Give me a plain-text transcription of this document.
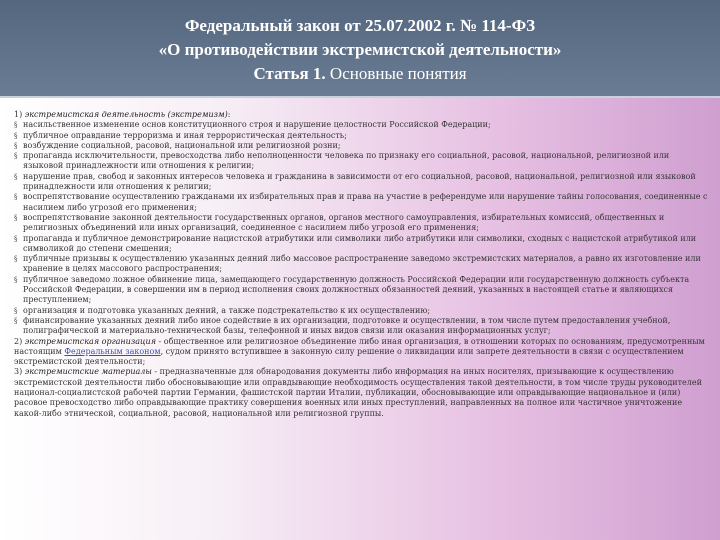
Федеральный закон от 25.07.2002 г. № 114-ФЗ
«О противодействии экстремистской деятельности»
Статья 1. Основные понятия

1) экстремистская деятельность (экстремизм):

§ насильственное изменение основ конституционного строя и нарушение целостности Российской Федерации;

§ публичное оправдание терроризма и иная террористическая деятельность;

§ возбуждение социальной, расовой, национальной или религиозной розни;

§ пропаганда исключительности, превосходства либо неполноценности человека по признаку его социальной, расовой, национальной, религиозной или языковой принадлежности или отношения к религии;

§ нарушение прав, свобод и законных интересов человека и гражданина в зависимости от его социальной, расовой, национальной, религиозной или языковой принадлежности или отношения к религии;

§ воспрепятствование осуществлению гражданами их избирательных прав и права на участие в референдуме или нарушение тайны голосования, соединенные с насилием либо угрозой его применения;

§ воспрепятствование законной деятельности государственных органов, органов местного самоуправления, избирательных комиссий, общественных и религиозных объединений или иных организаций, соединенное с насилием либо угрозой его применения;

§ пропаганда и публичное демонстрирование нацистской атрибутики или символики либо атрибутики или символики, сходных с нацистской атрибутикой или символикой до степени смешения;

§ публичные призывы к осуществлению указанных деяний либо массовое распространение заведомо экстремистских материалов, а равно их изготовление или хранение в целях массового распространения;

§ публичное заведомо ложное обвинение лица, замещающего государственную должность Российской Федерации или государственную должность субъекта Российской Федерации, в совершении им в период исполнения своих должностных обязанностей деяний, указанных в настоящей статье и являющихся преступлением;

§ организация и подготовка указанных деяний, а также подстрекательство к их осуществлению;

§ финансирование указанных деяний либо иное содействие в их организации, подготовке и осуществлении, в том числе путем предоставления учебной, полиграфической и материально-технической базы, телефонной и иных видов связи или оказания информационных услуг;

2) экстремистская организация - общественное или религиозное объединение либо иная организация, в отношении которых по основаниям, предусмотренным настоящим Федеральным законом, судом принято вступившее в законную силу решение о ликвидации или запрете деятельности в связи с осуществлением экстремистской деятельности;

3) экстремистские материалы - предназначенные для обнародования документы либо информация на иных носителях, призывающие к осуществлению экстремистской деятельности либо обосновывающие или оправдывающие необходимость осуществления такой деятельности, в том числе труды руководителей национал-социалистской рабочей партии Германии, фашистской партии Италии, публикации, обосновывающие или оправдывающие национальное и (или) расовое превосходство либо оправдывающие практику совершения военных или иных преступлений, направленных на полное или частичное уничтожение какой-либо этнической, социальной, расовой, национальной или религиозной группы.
